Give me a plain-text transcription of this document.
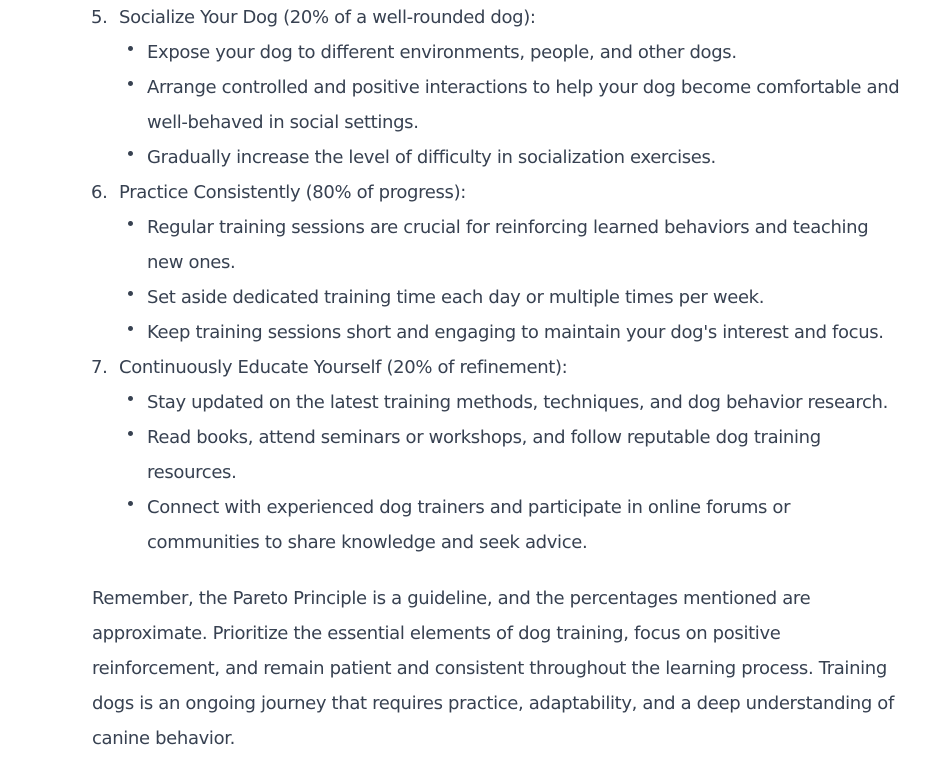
5. Socialize Your Dog (20% of a well-rounded dog):
Expose your dog to different environments, people, and other dogs.
Arrange controlled and positive interactions to help your dog become comfortable and well-behaved in social settings.
Gradually increase the level of difficulty in socialization exercises.
6. Practice Consistently (80% of progress):
Regular training sessions are crucial for reinforcing learned behaviors and teaching new ones.
Set aside dedicated training time each day or multiple times per week.
Keep training sessions short and engaging to maintain your dog's interest and focus.
7. Continuously Educate Yourself (20% of refinement):
Stay updated on the latest training methods, techniques, and dog behavior research.
Read books, attend seminars or workshops, and follow reputable dog training resources.
Connect with experienced dog trainers and participate in online forums or communities to share knowledge and seek advice.

Remember, the Pareto Principle is a guideline, and the percentages mentioned are approximate. Prioritize the essential elements of dog training, focus on positive reinforcement, and remain patient and consistent throughout the learning process. Training dogs is an ongoing journey that requires practice, adaptability, and a deep understanding of canine behavior.
